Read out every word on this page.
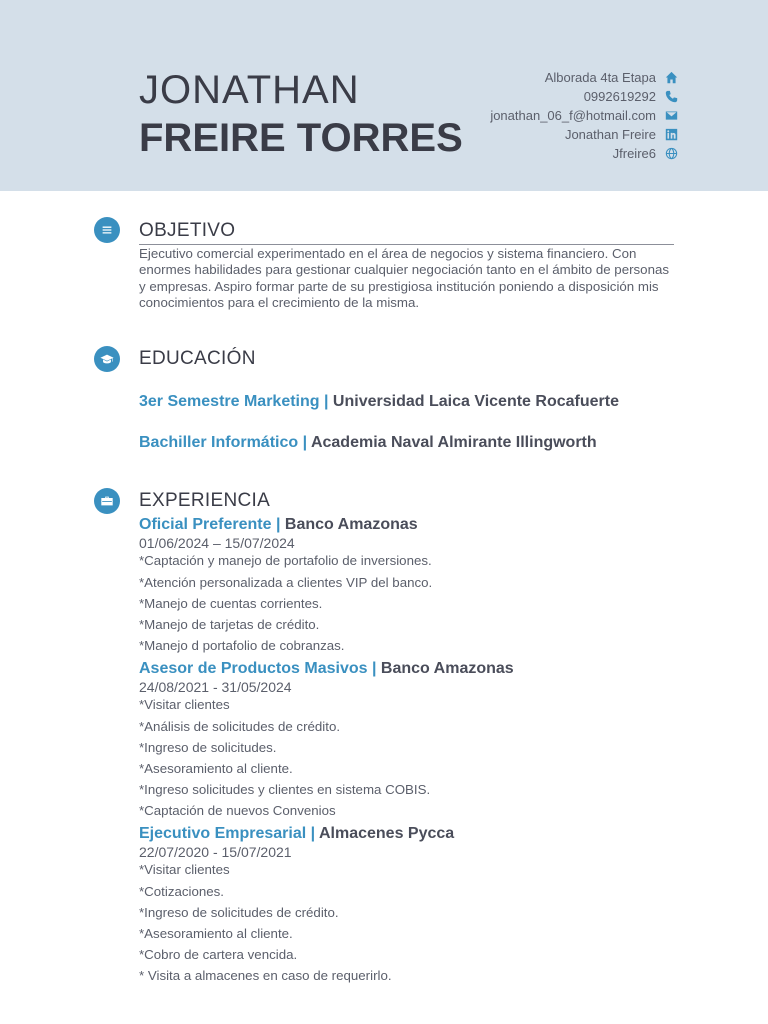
JONATHAN
FREIRE TORRES
Alborada 4ta Etapa
0992619292
jonathan_06_f@hotmail.com
Jonathan Freire
Jfreire6
OBJETIVO
Ejecutivo comercial experimentado en el área de negocios y sistema financiero. Con enormes habilidades para gestionar cualquier negociación tanto en el ámbito de personas y empresas. Aspiro formar parte de su prestigiosa institución poniendo a disposición mis conocimientos para el crecimiento de la misma.
EDUCACIÓN
3er Semestre Marketing | Universidad Laica Vicente Rocafuerte
Bachiller Informático | Academia Naval Almirante Illingworth
EXPERIENCIA
Oficial Preferente | Banco Amazonas
01/06/2024 – 15/07/2024
*Captación y manejo de portafolio de inversiones.
*Atención personalizada a clientes VIP del banco.
*Manejo de cuentas corrientes.
*Manejo de tarjetas de crédito.
*Manejo d portafolio de cobranzas.
Asesor de Productos Masivos | Banco Amazonas
24/08/2021 - 31/05/2024
*Visitar clientes
*Análisis de solicitudes de crédito.
*Ingreso de solicitudes.
*Asesoramiento al cliente.
*Ingreso solicitudes y clientes en sistema COBIS.
*Captación de nuevos Convenios
Ejecutivo Empresarial | Almacenes Pycca
22/07/2020 - 15/07/2021
*Visitar clientes
*Cotizaciones.
*Ingreso de solicitudes de crédito.
*Asesoramiento al cliente.
*Cobro de cartera vencida.
* Visita a almacenes en caso de requerirlo.
